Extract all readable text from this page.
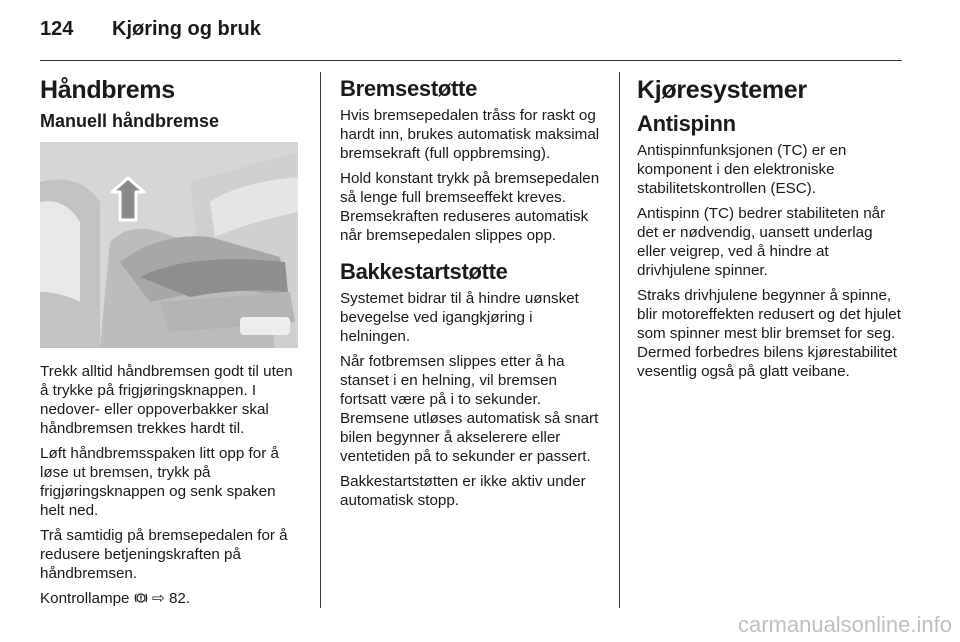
124 Kjøring og bruk
Håndbrems
Manuell håndbremse

Trekk alltid håndbremsen godt til uten å trykke på frigjøringsknappen. I nedover- eller oppoverbakker skal håndbremsen trekkes hardt til.

Løft håndbremsspaken litt opp for å løse ut bremsen, trykk på frigjøringsknappen og senk spaken helt ned.

Trå samtidig på bremsepedalen for å redusere betjeningskraften på håndbremsen.

Kontrollampe ! ⇨ 82.

Bremsestøtte

Hvis bremsepedalen tråss for raskt og hardt inn, brukes automatisk maksimal bremsekraft (full oppbremsing).

Hold konstant trykk på bremsepedalen så lenge full bremseeffekt kreves. Bremsekraften reduseres automatisk når bremsepedalen slippes opp.

Bakkestartstøtte

Systemet bidrar til å hindre uønsket bevegelse ved igangkjøring i helningen.

Når fotbremsen slippes etter å ha stanset i en helning, vil bremsen fortsatt være på i to sekunder. Bremsene utløses automatisk så snart bilen begynner å akselerere eller ventetiden på to sekunder er passert.

Bakkestartstøtten er ikke aktiv under automatisk stopp.

Kjøresystemer
Antispinn

Antispinnfunksjonen (TC) er en komponent i den elektroniske stabilitetskontrollen (ESC).

Antispinn (TC) bedrer stabiliteten når det er nødvendig, uansett underlag eller veigrep, ved å hindre at drivhjulene spinner.

Straks drivhjulene begynner å spinne, blir motoreffekten redusert og det hjulet som spinner mest blir bremset for seg. Dermed forbedres bilens kjørestabilitet vesentlig også på glatt veibane.

carmanualsonline.info
